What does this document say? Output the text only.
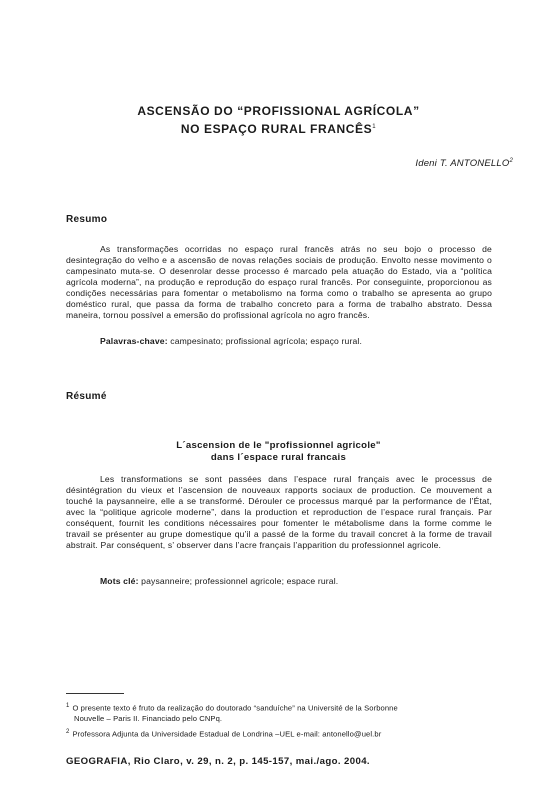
ASCENSÃO DO “PROFISSIONAL AGRÍCOLA”
NO ESPAÇO RURAL FRANCÊS$^1$
Ideni T. ANTONELLO$^2$
Resumo

As transformações ocorridas no espaço rural francês atrás no seu bojo o processo de desintegração do velho e a ascensão de novas relações sociais de produção. Envolto nesse movimento o campesinato muta-se. O desenrolar desse processo é marcado pela atuação do Estado, via a “política agrícola moderna”, na produção e reprodução do espaço rural francês. Por conseguinte, proporcionou as condições necessárias para fomentar o metabolismo na forma como o trabalho se apresenta ao grupo doméstico rural, que passa da forma de trabalho concreto para a forma de trabalho abstrato. Dessa maneira, tornou possível a emersão do profissional agrícola no agro francês.

Palavras-chave: campesinato; profissional agrícola; espaço rural.
Résumé
L´ascension de le "profissionnel agricole"
dans l´espace rural francais

Les transformations se sont passées dans l’espace rural français avec le processus de désintégration du vieux et l’ascension de nouveaux rapports sociaux de production. Ce mouvement a touché la paysanneire, elle a se transformé. Dérouler ce processus marqué par la performance de l’État, avec la “politique agricole moderne”, dans la production et reproduction de l’espace rural français. Par conséquent, fournit les conditions nécessaires pour fomenter le métabolisme dans la forme comme le travail se présenter au grupe domestique qu’il a passé de la forme du travail concret à la forme de travail abstrait. Par conséquent, s’ observer dans l’acre français l’apparition du professionnel agricole.

Mots clé: paysanneire; professionnel agricole; espace rural.
$^1$ O presente texto é fruto da realização do doutorado “sanduíche” na Université de la Sorbonne
Nouvelle – Paris II. Financiado pelo CNPq.
$^2$ Professora Adjunta da Universidade Estadual de Londrina –UEL e-mail: antonello@uel.br
GEOGRAFIA, Rio Claro, v. 29, n. 2, p. 145-157, mai./ago. 2004.
